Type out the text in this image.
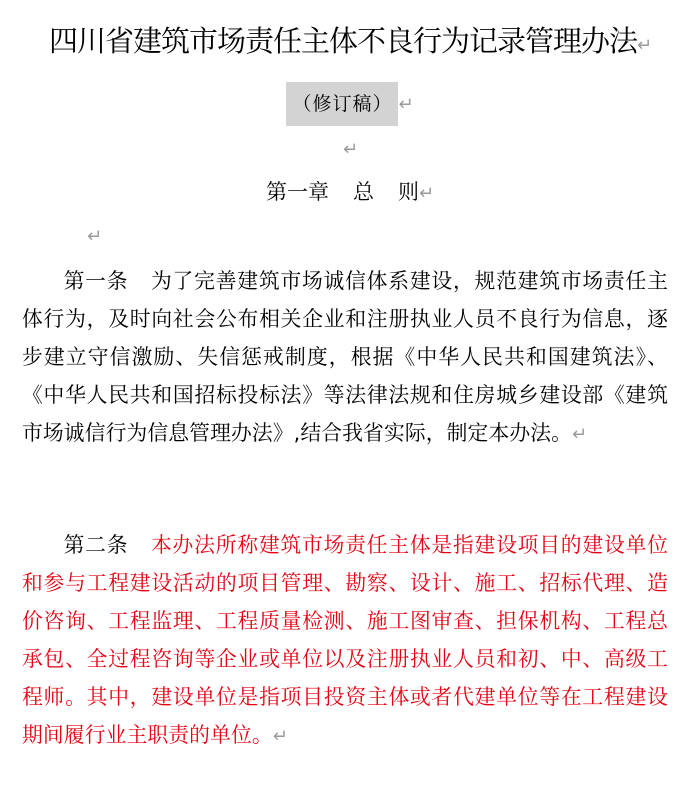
四川省建筑市场责任主体不良行为记录管理办法↵
（修订稿） ↵
↵
第一章 总 则↵
↵
第一条 为了完善建筑市场诚信体系建设，规范建筑市场责任主体行为，及时向社会公布相关企业和注册执业人员不良行为信息，逐步建立守信激励、失信惩戒制度，根据《中华人民共和国建筑法》、《中华人民共和国招标投标法》等法律法规和住房城乡建设部《建筑市场诚信行为信息管理办法》,结合我省实际，制定本办法。↵
第二条 本办法所称建筑市场责任主体是指建设项目的建设单位和参与工程建设活动的项目管理、勘察、设计、施工、招标代理、造价咨询、工程监理、工程质量检测、施工图审查、担保机构、工程总承包、全过程咨询等企业或单位以及注册执业人员和初、中、高级工程师。其中，建设单位是指项目投资主体或者代建单位等在工程建设期间履行业主职责的单位。↵
